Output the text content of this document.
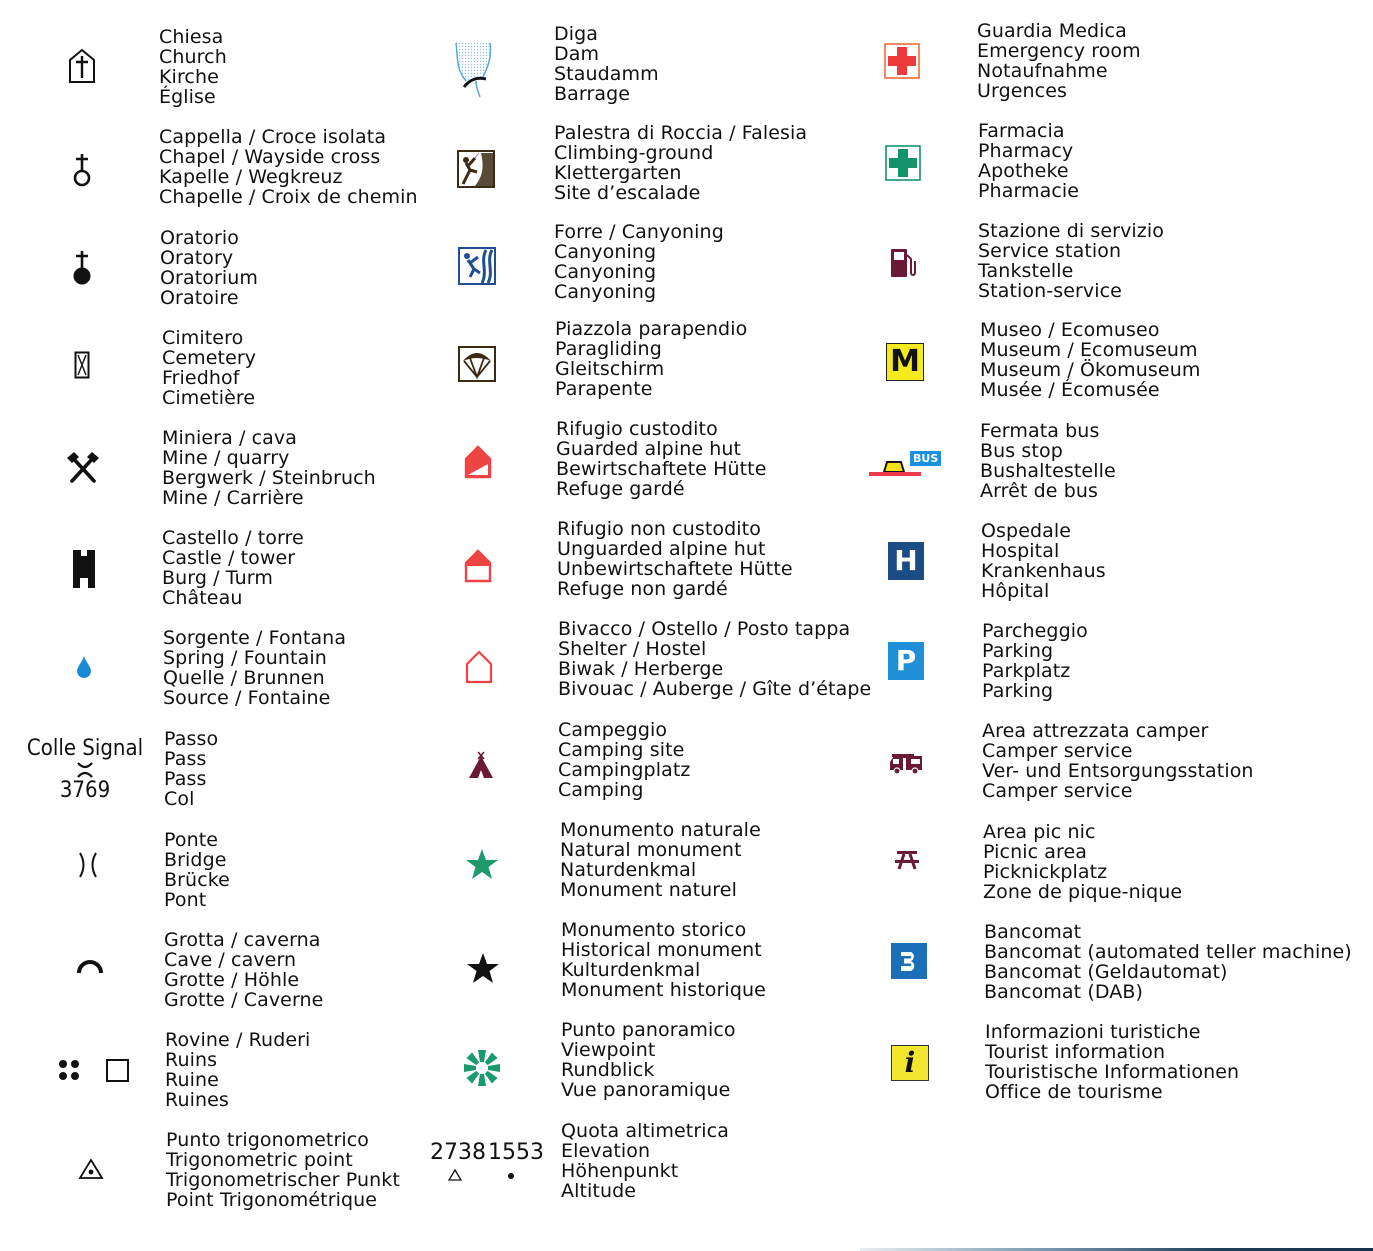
Chiesa
Church
Kirche
Église
Cappella / Croce isolata
Chapel / Wayside cross
Kapelle / Wegkreuz
Chapelle / Croix de chemin
Oratorio
Oratory
Oratorium
Oratoire
Cimitero
Cemetery
Friedhof
Cimetière
Miniera / cava
Mine / quarry
Bergwerk / Steinbruch
Mine / Carrière
Castello / torre
Castle / tower
Burg / Turm
Château
Sorgente / Fontana
Spring / Fountain
Quelle / Brunnen
Source / Fontaine
Colle Signal
3769
Passo
Pass
Pass
Col
Ponte
Bridge
Brücke
Pont
Grotta / caverna
Cave / cavern
Grotte / Höhle
Grotte / Caverne
Rovine / Ruderi
Ruins
Ruine
Ruines
Punto trigonometrico
Trigonometric point
Trigonometrischer Punkt
Point Trigonométrique
Diga
Dam
Staudamm
Barrage
Palestra di Roccia / Falesia
Climbing-ground
Klettergarten
Site d’escalade
Forre / Canyoning
Canyoning
Canyoning
Canyoning
Piazzola parapendio
Paragliding
Gleitschirm
Parapente
Rifugio custodito
Guarded alpine hut
Bewirtschaftete Hütte
Refuge gardé
Rifugio non custodito
Unguarded alpine hut
Unbewirtschaftete Hütte
Refuge non gardé
Bivacco / Ostello / Posto tappa
Shelter / Hostel
Biwak / Herberge
Bivouac / Auberge / Gîte d’étape
Campeggio
Camping site
Campingplatz
Camping
Monumento naturale
Natural monument
Naturdenkmal
Monument naturel
Monumento storico
Historical monument
Kulturdenkmal
Monument historique
Punto panoramico
Viewpoint
Rundblick
Vue panoramique
2738 1553
Quota altimetrica
Elevation
Höhenpunkt
Altitude
Guardia Medica
Emergency room
Notaufnahme
Urgences
Farmacia
Pharmacy
Apotheke
Pharmacie
Stazione di servizio
Service station
Tankstelle
Station-service
M
Museo / Ecomuseo
Museum / Ecomuseum
Museum / Ökomuseum
Musée / Écomusée
BUS
Fermata bus
Bus stop
Bushaltestelle
Arrêt de bus
H
Ospedale
Hospital
Krankenhaus
Hôpital
P
Parcheggio
Parking
Parkplatz
Parking
Area attrezzata camper
Camper service
Ver- und Entsorgungsstation
Camper service
Area pic nic
Picnic area
Picknickplatz
Zone de pique-nique
Bancomat
Bancomat (automated teller machine)
Bancomat (Geldautomat)
Bancomat (DAB)
i
Informazioni turistiche
Tourist information
Touristische Informationen
Office de tourisme
